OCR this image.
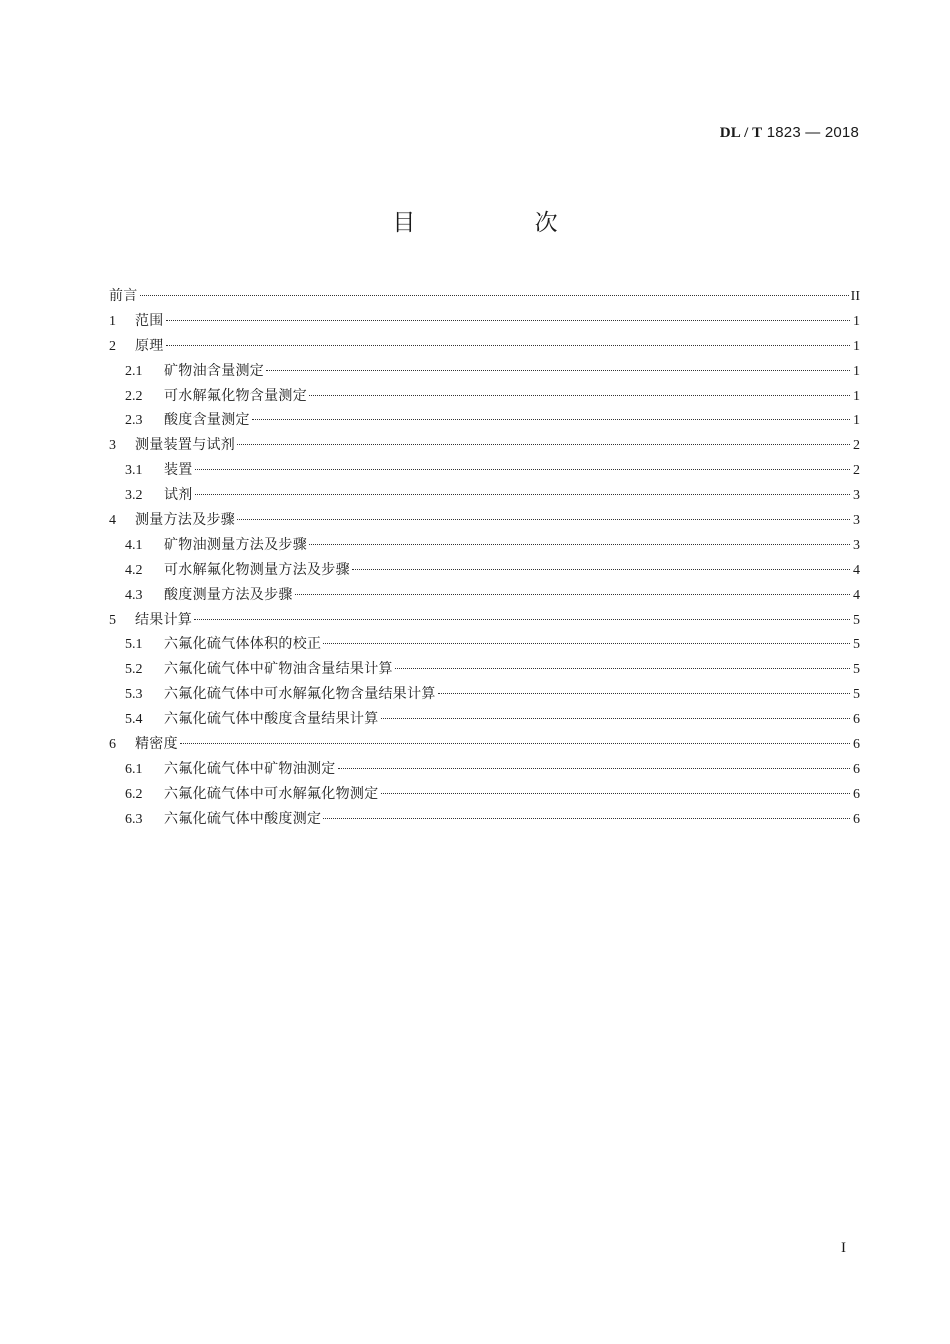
DL / T 1823 — 2018
目 次
前言	II
1	范围	1
2	原理	1
2.1	矿物油含量测定	1
2.2	可水解氟化物含量测定	1
2.3	酸度含量测定	1
3	测量装置与试剂	2
3.1	装置	2
3.2	试剂	3
4	测量方法及步骤	3
4.1	矿物油测量方法及步骤	3
4.2	可水解氟化物测量方法及步骤	4
4.3	酸度测量方法及步骤	4
5	结果计算	5
5.1	六氟化硫气体体积的校正	5
5.2	六氟化硫气体中矿物油含量结果计算	5
5.3	六氟化硫气体中可水解氟化物含量结果计算	5
5.4	六氟化硫气体中酸度含量结果计算	6
6	精密度	6
6.1	六氟化硫气体中矿物油测定	6
6.2	六氟化硫气体中可水解氟化物测定	6
6.3	六氟化硫气体中酸度测定	6
I
